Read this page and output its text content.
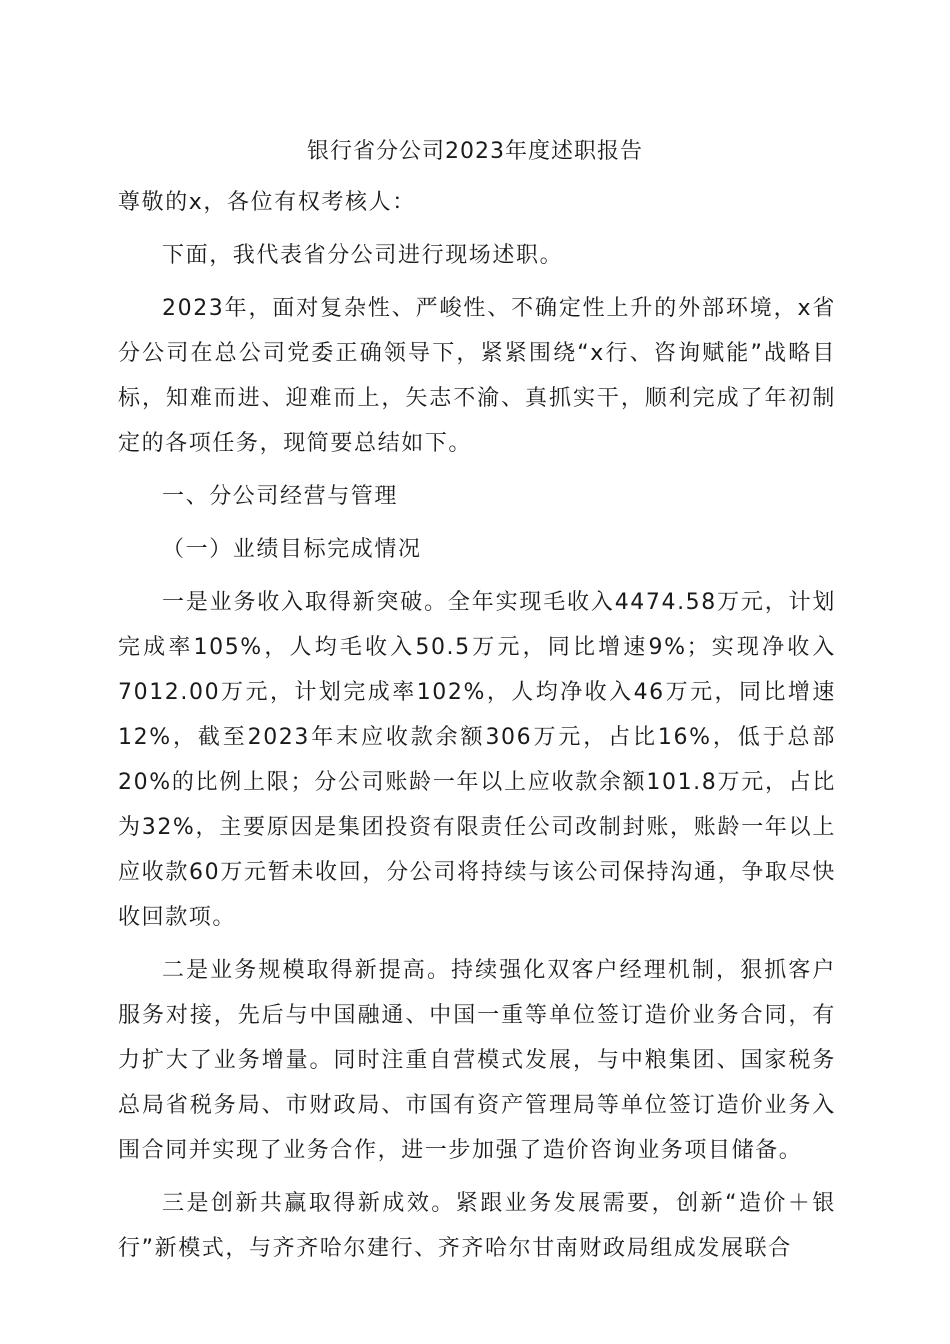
银行省分公司2023年度述职报告

尊敬的x，各位有权考核人：

下面，我代表省分公司进行现场述职。

2023年，面对复杂性、严峻性、不确定性上升的外部环境，x省分公司在总公司党委正确领导下，紧紧围绕“x行、咨询赋能”战略目标，知难而进、迎难而上，矢志不渝、真抓实干，顺利完成了年初制定的各项任务，现简要总结如下。

一、分公司经营与管理

（一）业绩目标完成情况

一是业务收入取得新突破。全年实现毛收入4474.58万元，计划完成率105%，人均毛收入50.5万元，同比增速9%；实现净收入7012.00万元，计划完成率102%，人均净收入46万元，同比增速12%，截至2023年末应收款余额306万元，占比16%，低于总部20%的比例上限；分公司账龄一年以上应收款余额101.8万元，占比为32%，主要原因是集团投资有限责任公司改制封账，账龄一年以上应收款60万元暂未收回，分公司将持续与该公司保持沟通，争取尽快收回款项。

二是业务规模取得新提高。持续强化双客户经理机制，狠抓客户服务对接，先后与中国融通、中国一重等单位签订造价业务合同，有力扩大了业务增量。同时注重自营模式发展，与中粮集团、国家税务总局省税务局、市财政局、市国有资产管理局等单位签订造价业务入围合同并实现了业务合作，进一步加强了造价咨询业务项目储备。

三是创新共赢取得新成效。紧跟业务发展需要，创新“造价＋银行”新模式，与齐齐哈尔建行、齐齐哈尔甘南财政局组成发展联合
